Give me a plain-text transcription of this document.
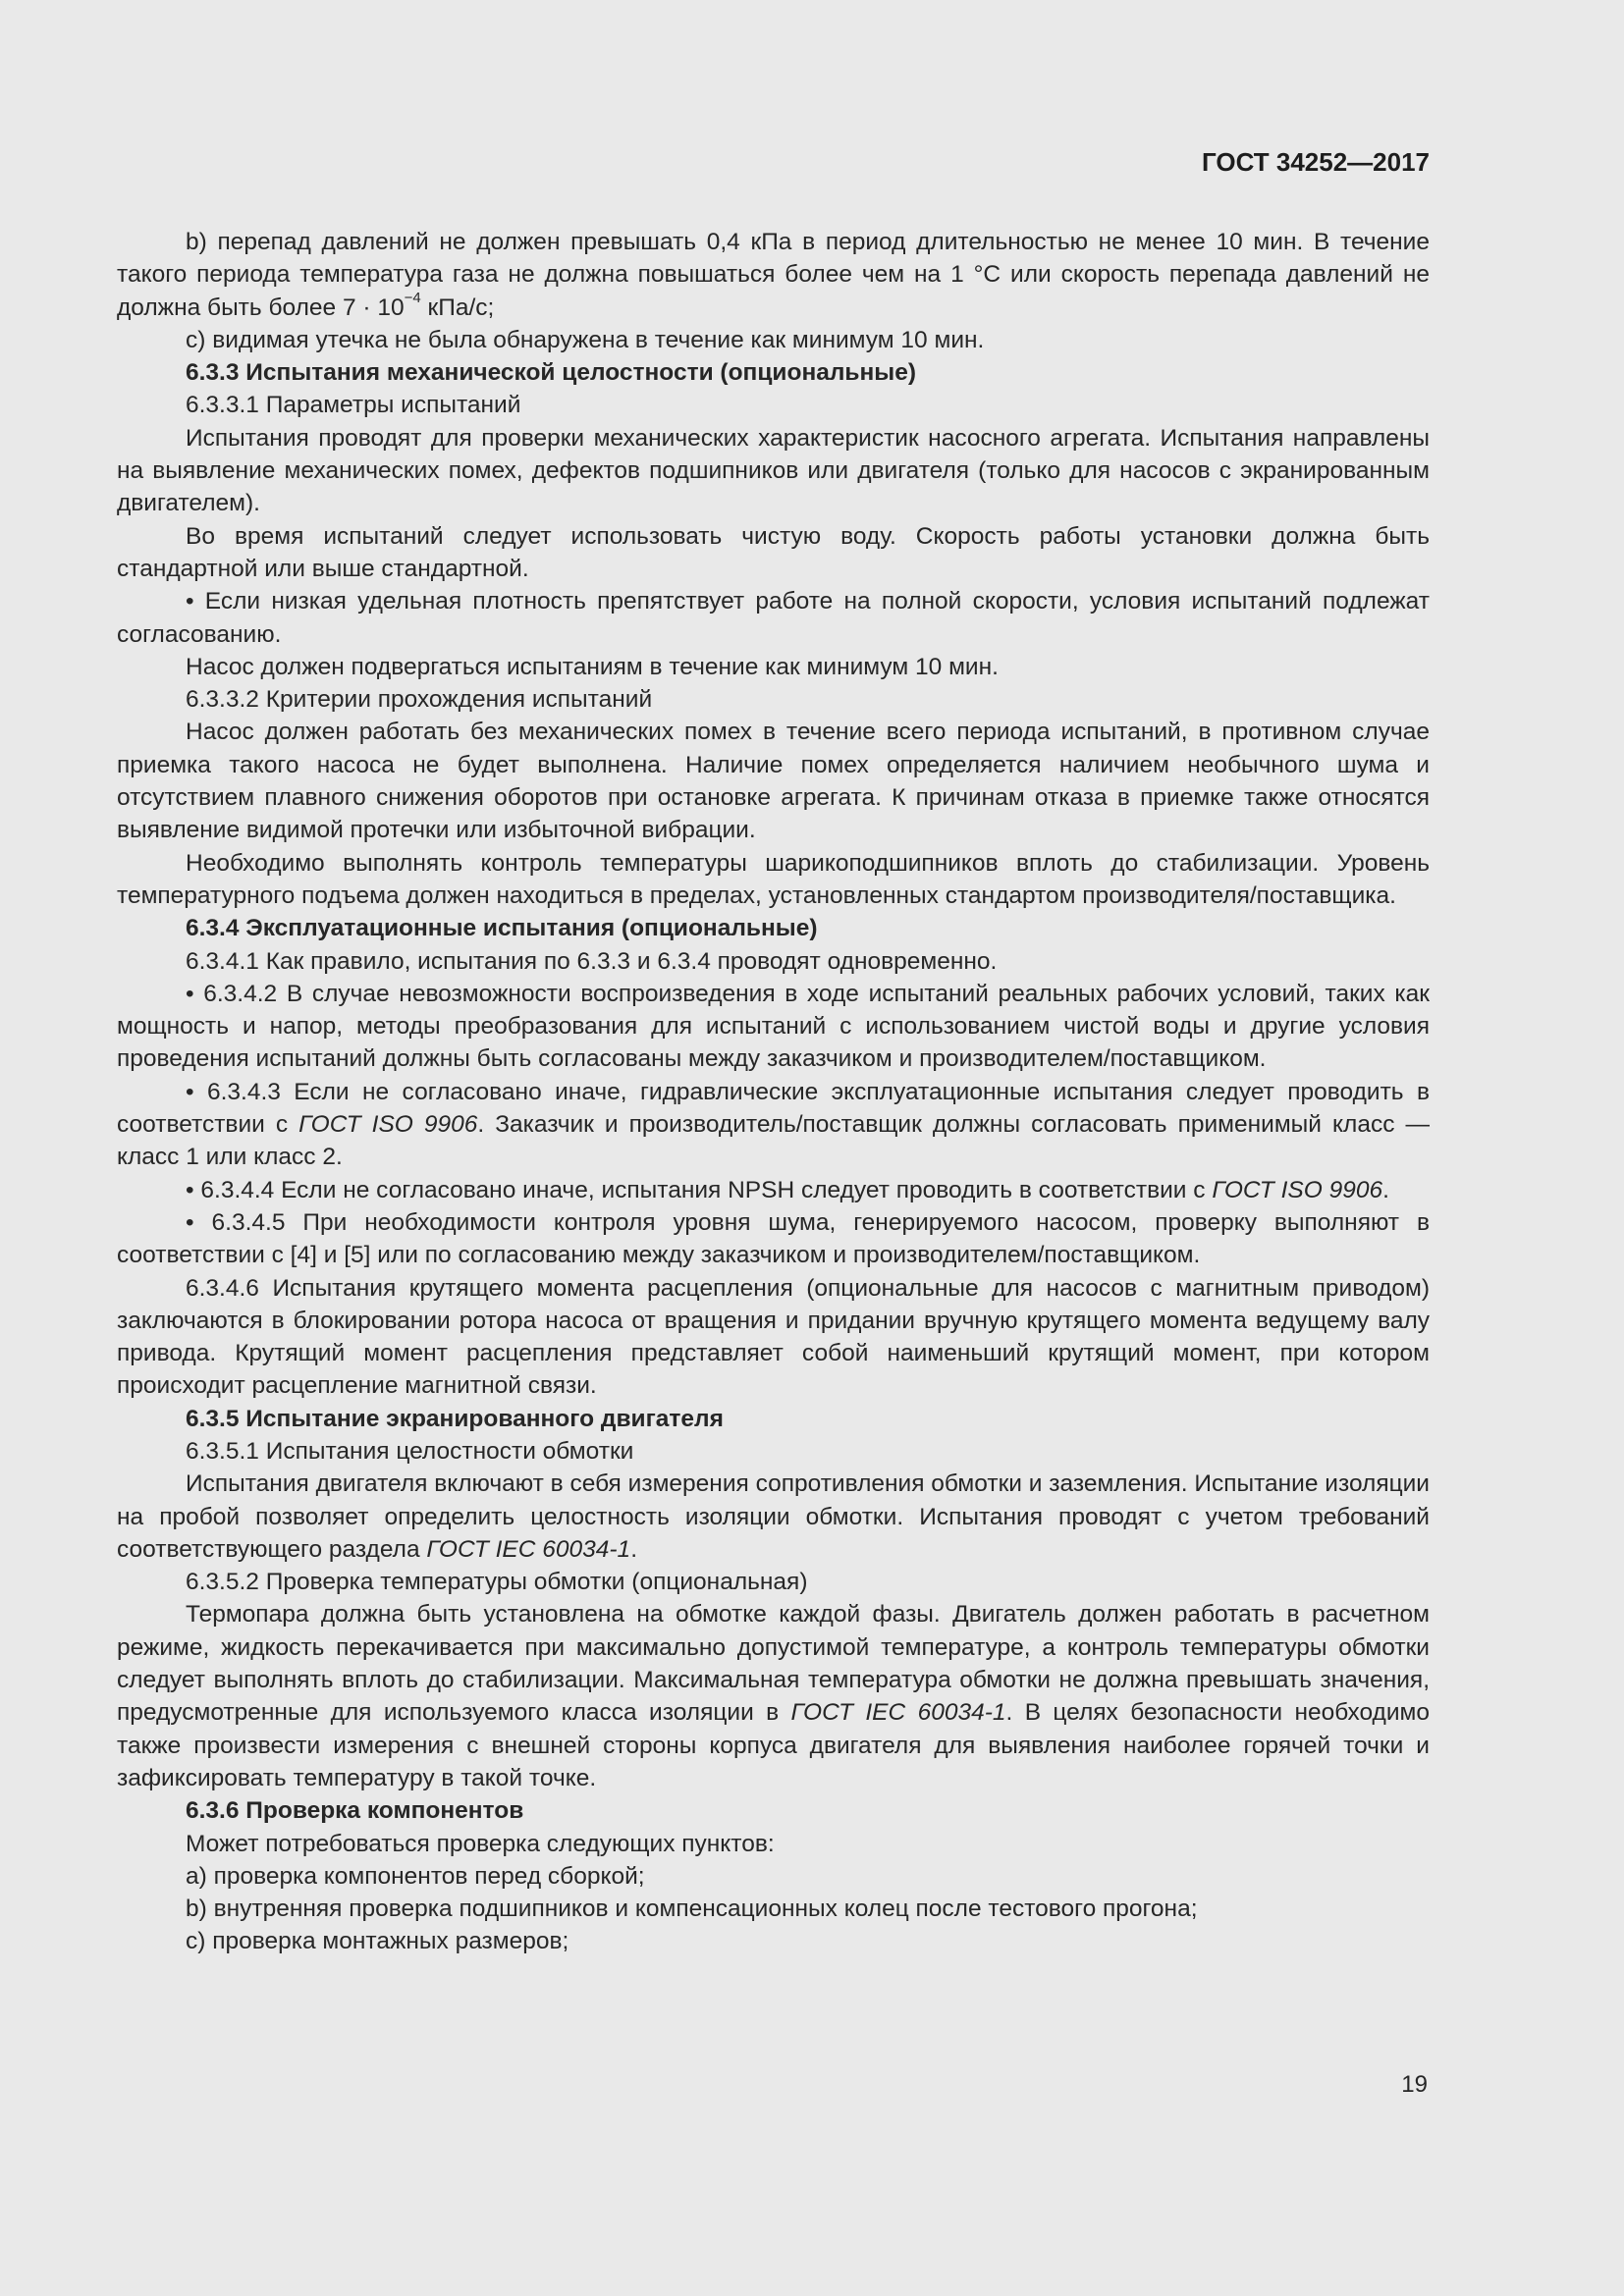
ГОСТ 34252—2017

b) перепад давлений не должен превышать 0,4 кПа в период длительностью не менее 10 мин. В течение такого периода температура газа не должна повышаться более чем на 1 °С или скорость перепада давлений не должна быть более $7 \cdot 10^{-4}$ кПа/с;

c) видимая утечка не была обнаружена в течение как минимум 10 мин.

6.3.3 Испытания механической целостности (опциональные)

6.3.3.1 Параметры испытаний

Испытания проводят для проверки механических характеристик насосного агрегата. Испытания направлены на выявление механических помех, дефектов подшипников или двигателя (только для насосов с экранированным двигателем).

Во время испытаний следует использовать чистую воду. Скорость работы установки должна быть стандартной или выше стандартной.

• Если низкая удельная плотность препятствует работе на полной скорости, условия испытаний подлежат согласованию.

Насос должен подвергаться испытаниям в течение как минимум 10 мин.

6.3.3.2 Критерии прохождения испытаний

Насос должен работать без механических помех в течение всего периода испытаний, в противном случае приемка такого насоса не будет выполнена. Наличие помех определяется наличием необычного шума и отсутствием плавного снижения оборотов при остановке агрегата. К причинам отказа в приемке также относятся выявление видимой протечки или избыточной вибрации.

Необходимо выполнять контроль температуры шарикоподшипников вплоть до стабилизации. Уровень температурного подъема должен находиться в пределах, установленных стандартом производителя/поставщика.

6.3.4 Эксплуатационные испытания (опциональные)

6.3.4.1 Как правило, испытания по 6.3.3 и 6.3.4 проводят одновременно.

• 6.3.4.2 В случае невозможности воспроизведения в ходе испытаний реальных рабочих условий, таких как мощность и напор, методы преобразования для испытаний с использованием чистой воды и другие условия проведения испытаний должны быть согласованы между заказчиком и производителем/поставщиком.

• 6.3.4.3 Если не согласовано иначе, гидравлические эксплуатационные испытания следует проводить в соответствии с ГОСТ ISO 9906. Заказчик и производитель/поставщик должны согласовать применимый класс — класс 1 или класс 2.

• 6.3.4.4 Если не согласовано иначе, испытания NPSH следует проводить в соответствии с ГОСТ ISO 9906.

• 6.3.4.5 При необходимости контроля уровня шума, генерируемого насосом, проверку выполняют в соответствии с [4] и [5] или по согласованию между заказчиком и производителем/поставщиком.

6.3.4.6 Испытания крутящего момента расцепления (опциональные для насосов с магнитным приводом) заключаются в блокировании ротора насоса от вращения и придании вручную крутящего момента ведущему валу привода. Крутящий момент расцепления представляет собой наименьший крутящий момент, при котором происходит расцепление магнитной связи.

6.3.5 Испытание экранированного двигателя

6.3.5.1 Испытания целостности обмотки

Испытания двигателя включают в себя измерения сопротивления обмотки и заземления. Испытание изоляции на пробой позволяет определить целостность изоляции обмотки. Испытания проводят с учетом требований соответствующего раздела ГОСТ IEC 60034-1.

6.3.5.2 Проверка температуры обмотки (опциональная)

Термопара должна быть установлена на обмотке каждой фазы. Двигатель должен работать в расчетном режиме, жидкость перекачивается при максимально допустимой температуре, а контроль температуры обмотки следует выполнять вплоть до стабилизации. Максимальная температура обмотки не должна превышать значения, предусмотренные для используемого класса изоляции в ГОСТ IEC 60034-1. В целях безопасности необходимо также произвести измерения с внешней стороны корпуса двигателя для выявления наиболее горячей точки и зафиксировать температуру в такой точке.

6.3.6 Проверка компонентов

Может потребоваться проверка следующих пунктов:

a) проверка компонентов перед сборкой;

b) внутренняя проверка подшипников и компенсационных колец после тестового прогона;

c) проверка монтажных размеров;

19
